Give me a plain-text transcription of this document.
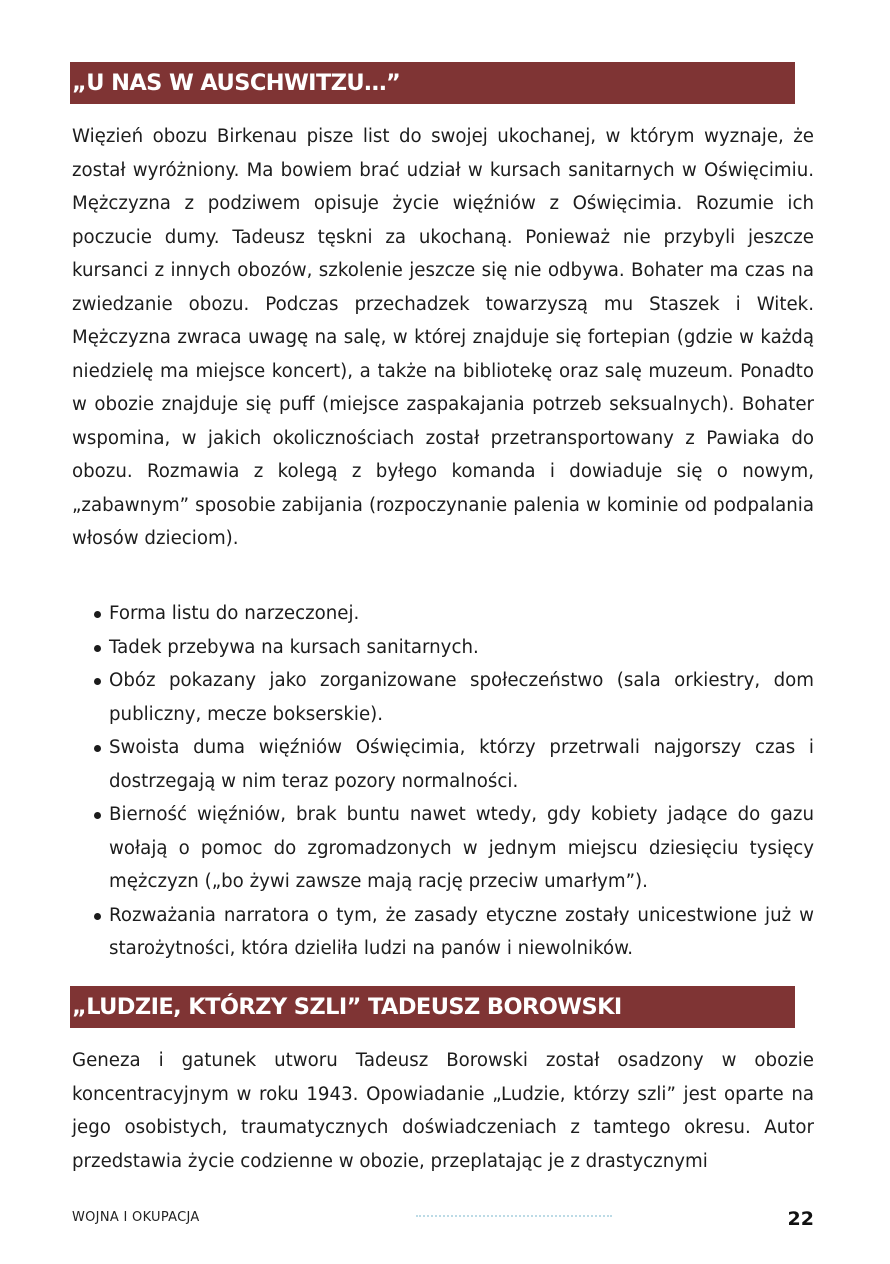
„U NAS W AUSCHWITZU…”

Więzień obozu Birkenau pisze list do swojej ukochanej, w którym wyznaje, że został wyróżniony. Ma bowiem brać udział w kursach sanitarnych w Oświęcimiu. Mężczyzna z podziwem opisuje życie więźniów z Oświęcimia. Rozumie ich poczucie dumy. Tadeusz tęskni za ukochaną. Ponieważ nie przybyli jeszcze kursanci z innych obozów, szkolenie jeszcze się nie odbywa. Bohater ma czas na zwiedzanie obozu. Podczas przechadzek towarzyszą mu Staszek i Witek. Mężczyzna zwraca uwagę na salę, w której znajduje się fortepian (gdzie w każdą niedzielę ma miejsce koncert), a także na bibliotekę oraz salę muzeum. Ponadto w obozie znajduje się puff (miejsce zaspakajania potrzeb seksualnych). Bohater wspomina, w jakich okolicznościach został przetransportowany z Pawiaka do obozu. Rozmawia z kolegą z byłego komanda i dowiaduje się o nowym, „zabawnym” sposobie zabijania (rozpoczynanie palenia w kominie od podpalania włosów dzieciom).

Forma listu do narzeczonej.
Tadek przebywa na kursach sanitarnych.
Obóz pokazany jako zorganizowane społeczeństwo (sala orkiestry, dom publiczny, mecze bokserskie).
Swoista duma więźniów Oświęcimia, którzy przetrwali najgorszy czas i dostrzegają w nim teraz pozory normalności.
Bierność więźniów, brak buntu nawet wtedy, gdy kobiety jadące do gazu wołają o pomoc do zgromadzonych w jednym miejscu dziesięciu tysięcy mężczyzn („bo żywi zawsze mają rację przeciw umarłym”).
Rozważania narratora o tym, że zasady etyczne zostały unicestwione już w starożytności, która dzieliła ludzi na panów i niewolników.
„LUDZIE, KTÓRZY SZLI” TADEUSZ BOROWSKI

Geneza i gatunek utworu Tadeusz Borowski został osadzony w obozie koncentracyjnym w roku 1943. Opowiadanie „Ludzie, którzy szli” jest oparte na jego osobistych, traumatycznych doświadczeniach z tamtego okresu. Autor przedstawia życie codzienne w obozie, przeplatając je z drastycznymi

WOJNA I OKUPACJA	22
